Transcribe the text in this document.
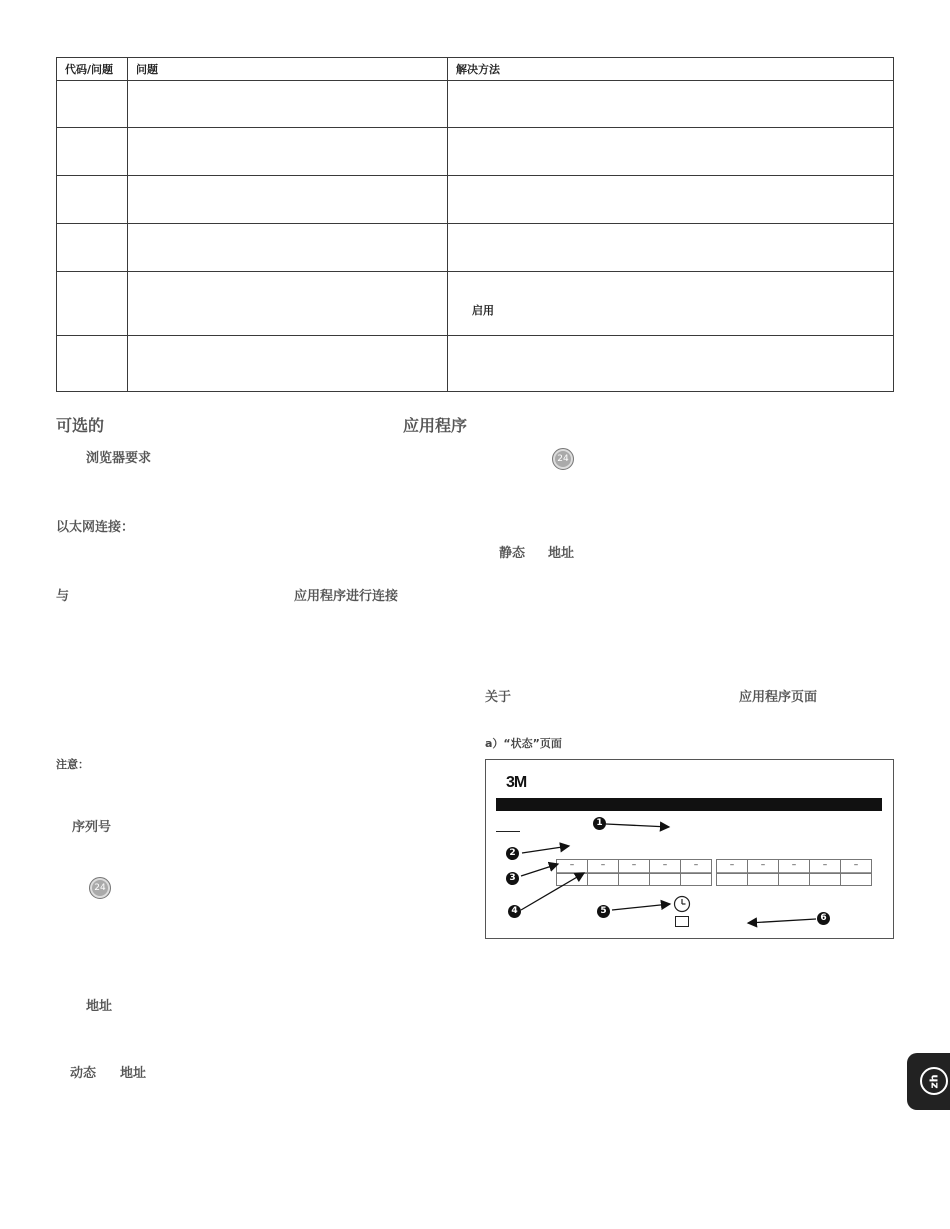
代码/问题	问题	解决方法

		启用

可选的
浏览器要求
以太网连接：
与
注意：
序列号
24
地址
动态 地址
应用程序
24
静态 地址
应用程序进行连接
关于	应用程序页面
a）“状态”页面
3M
–	–	–	–	–	–	–	–	–	–
1
2
3
4	5
6
zh
